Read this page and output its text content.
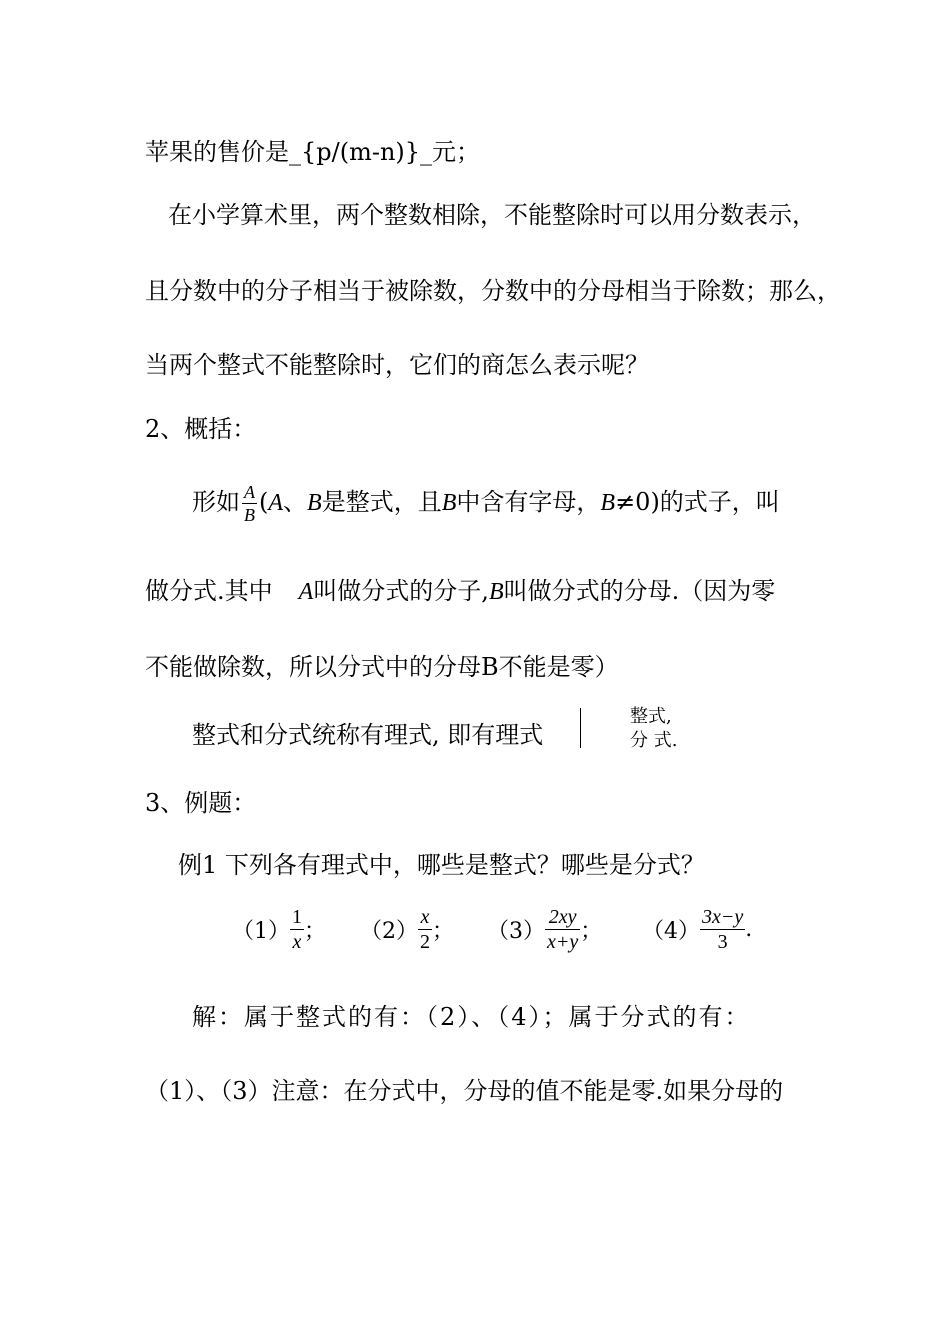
苹果的售价是_{p/(m-n)}_元；
在小学算术里，两个整数相除，不能整除时可以用分数表示，
且分数中的分子相当于被除数，分数中的分母相当于除数；那么，
当两个整式不能整除时，它们的商怎么表示呢？
2、概括：
形如 $\frac{A}{B} (A$、B是整式，且B中含有字母，B≠0)的式子，叫
做分式.其中 A叫做分式的分子,B叫做分式的分母.（因为零
不能做除数，所以分式中的分母B不能是零）
整式和分式统称有理式, 即有理式
整式,
分 式.
3、例题：
例1 下列各有理式中，哪些是整式？哪些是分式？
$(1) \frac{1}{x}$ ； $(2) \frac{x}{2}$ ； $(3) \frac{2xy}{x+y}$ ； $(4) \frac{3x-y}{3}$ .
解：属于整式的有：（2）、（4）；属于分式的有：
（1）、（3）注意：在分式中，分母的值不能是零.如果分母的
